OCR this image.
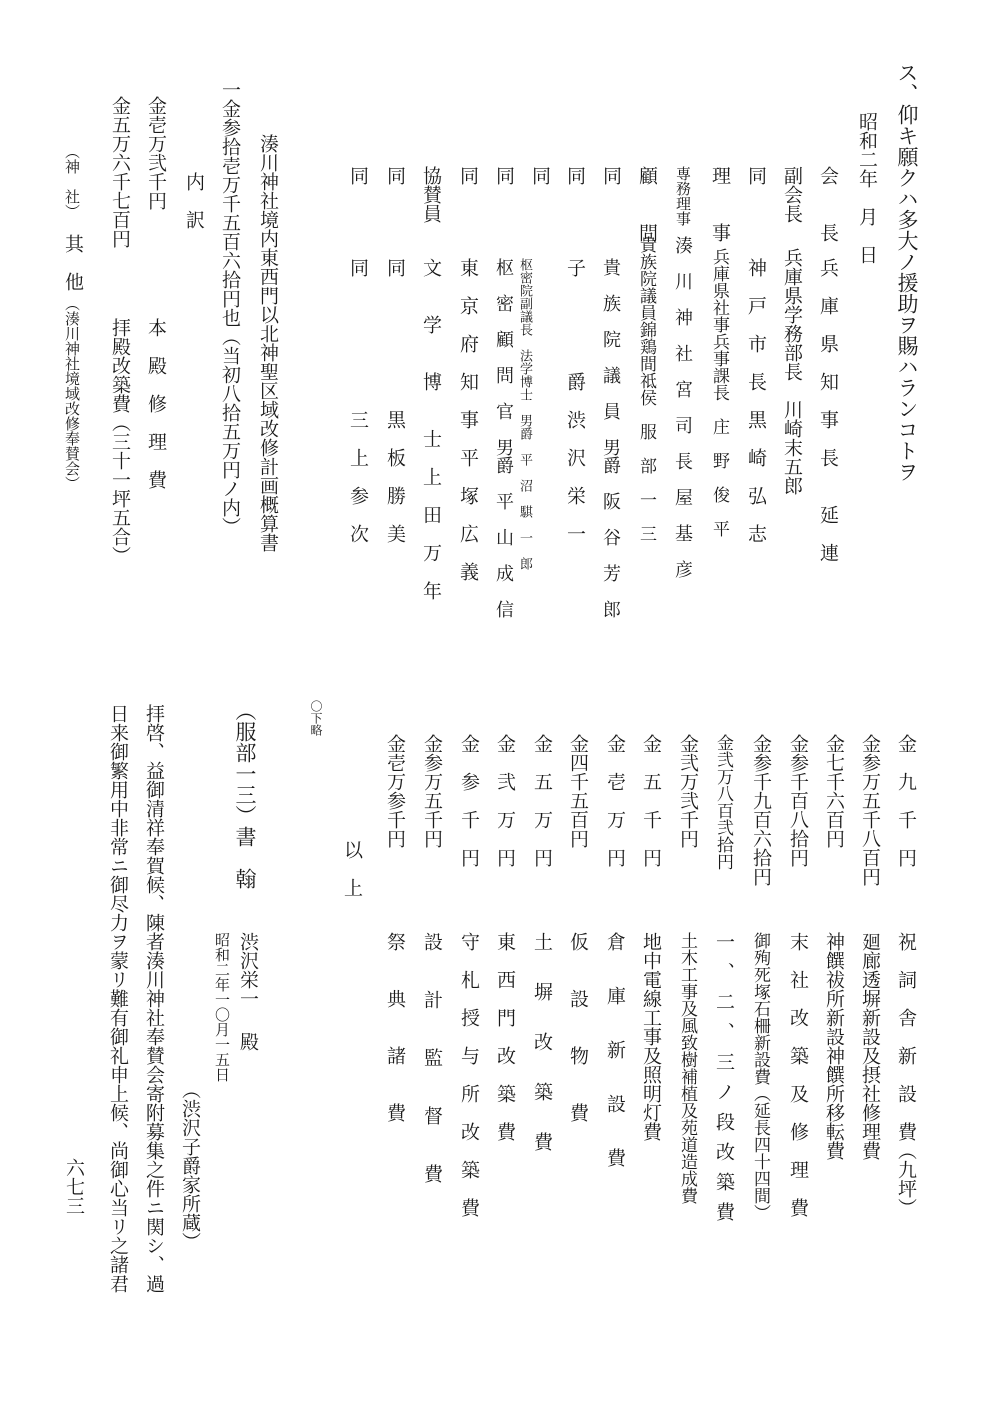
ス、仰キ願クハ多大ノ援助ヲ賜ハランコトヲ
昭和二年　月　日
会　　長
兵　庫　県　知　事　長　　延　連
副会長
兵庫県学務部長　川崎末五郎
同
神　戸　市　長　黒　崎　弘　志
理　　事
兵庫県社事兵事課長　庄　野　俊　平
専務理事
湊　川　神　社　宮　司　長　屋　基　彦
顧　　問
貴族院議員錦鶏間祗侯　服　部　一　三
同
貴　族　院　議　員　男爵　阪　谷　芳　郎
同
子　　　　　爵　渋　沢　栄　一
同
枢密院副議長　法学博士　男爵　平　沼　騏　一　郎
同
枢　密　顧　問　官　男爵　平　山　成　信
同
東　京　府　知　事　平　塚　広　義
協賛員
文　　学　　博　　士　上　田　万　年
同
同　　　　　　　黒　板　勝　美
同
同　　　　　　　三　上　参　次
湊川神社境内東西門以北神聖区域改修計画概算書
一金参拾壱万千五百六拾円也（当初八拾五万円ノ内）
内　訳
金壱万弐千円
本　殿　修　理　費
金五万六千七百円
拝殿改築費（三十一坪五合）
（神　社）
其　他
（湊川神社境域改修奉賛会）
金　九　千　円
祝　詞　舎　新　設　費（九坪）
金参万五千八百円
廻廊透塀新設及摂社修理費
金七千六百円
神饌祓所新設神饌所移転費
金参千百八拾円
末　社　改　築　及　修　理　費
金参千九百六拾円
御殉死塚石柵新設費（延長四十四間）
金弐万八百弐拾円
一、二、三ノ段改築費
金弐万弐千円
土木工事及風致樹補植及苑道造成費
金　五　千　円
地中電線工事及照明灯費
金　壱　万　円
倉　庫　新　設　費
金四千五百円
仮　　設　　物　　費
金　五　万　円
土　塀　改　築　費
金　弐　万　円
東　西　門　改　築　費
金　参　千　円
守　札　授　与　所　改　築　費
金参万五千円
設　計　監　督　費
金壱万参千円
祭　　典　　諸　　費
以　上
〇下略
（服部一三）書　翰
渋沢栄一
殿
昭和二年一〇月一五日
（渋沢子爵家所蔵）
拝啓、益御清祥奉賀候、陳者湊川神社奉賛会寄附募集之件ニ関シ、過
日来御繁用中非常ニ御尽力ヲ蒙リ難有御礼申上候、尚御心当リ之諸君
六七三
